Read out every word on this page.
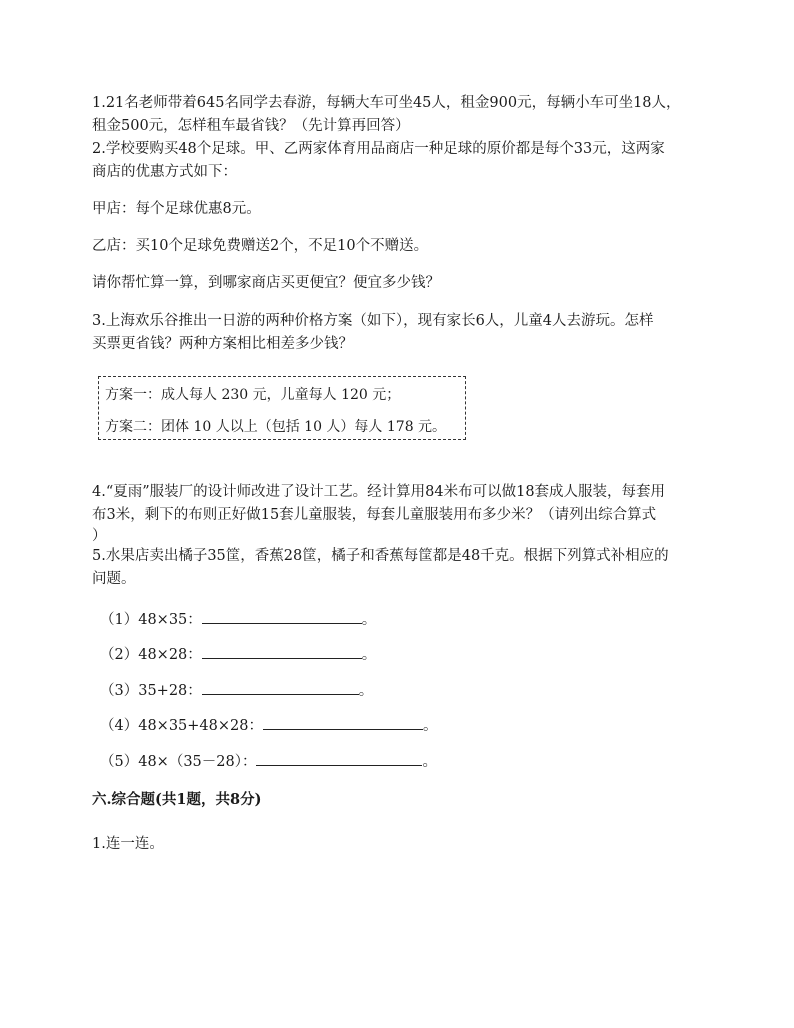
1.21名老师带着645名同学去春游，每辆大车可坐45人，租金900元，每辆小车可坐18人，
租金500元，怎样租车最省钱？（先计算再回答）
2.学校要购买48个足球。甲、乙两家体育用品商店一种足球的原价都是每个33元，这两家
商店的优惠方式如下：
甲店：每个足球优惠8元。
乙店：买10个足球免费赠送2个，不足10个不赠送。
请你帮忙算一算，到哪家商店买更便宜？便宜多少钱？
3.上海欢乐谷推出一日游的两种价格方案（如下），现有家长6人，儿童4人去游玩。怎样
买票更省钱？两种方案相比相差多少钱？
方案一：成人每人 230 元，儿童每人 120 元；
方案二：团体 10 人以上（包括 10 人）每人 178 元。
4.“夏雨”服装厂的设计师改进了设计工艺。经计算用84米布可以做18套成人服装，每套用
布3米，剩下的布则正好做15套儿童服装，每套儿童服装用布多少米？（请列出综合算式
）
5.水果店卖出橘子35筐，香蕉28筐，橘子和香蕉每筐都是48千克。根据下列算式补相应的
问题。
（1）48×35：	。
（2）48×28：	。
（3）35+28：	。
（4）48×35+48×28：	。
（5）48×（35－28）：	。
六.综合题(共1题，共8分)
1.连一连。
